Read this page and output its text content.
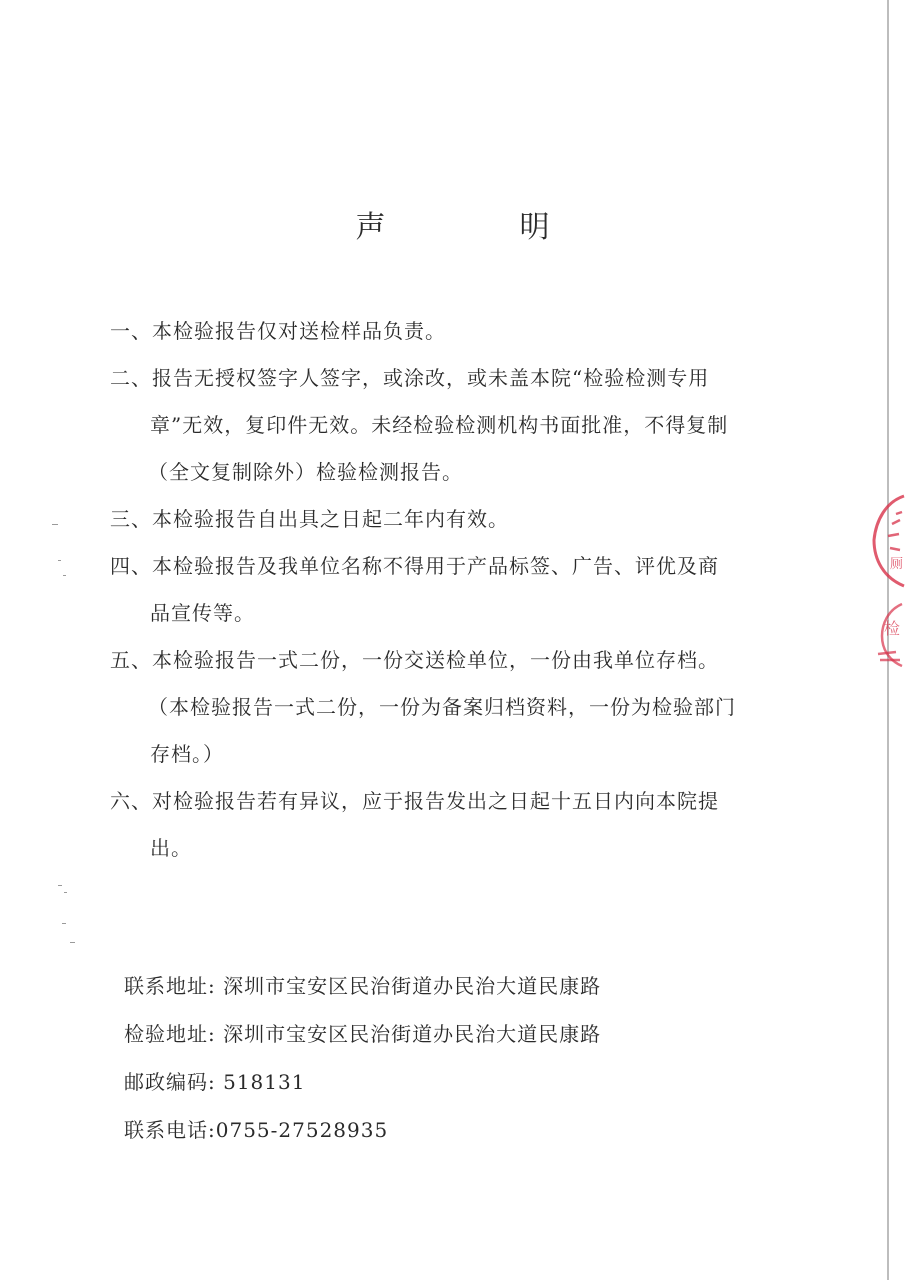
厕
检
声　明
一、本检验报告仅对送检样品负责。
二、报告无授权签字人签字，或涂改，或未盖本院“检验检测专用
章”无效，复印件无效。未经检验检测机构书面批准，不得复制
（全文复制除外）检验检测报告。
三、本检验报告自出具之日起二年内有效。
四、本检验报告及我单位名称不得用于产品标签、广告、评优及商
品宣传等。
五、本检验报告一式二份，一份交送检单位，一份由我单位存档。
（本检验报告一式二份，一份为备案归档资料，一份为检验部门
存档。）
六、对检验报告若有异议，应于报告发出之日起十五日内向本院提
出。
联系地址: 深圳市宝安区民治街道办民治大道民康路
检验地址: 深圳市宝安区民治街道办民治大道民康路
邮政编码: 518131
联系电话:0755-27528935
